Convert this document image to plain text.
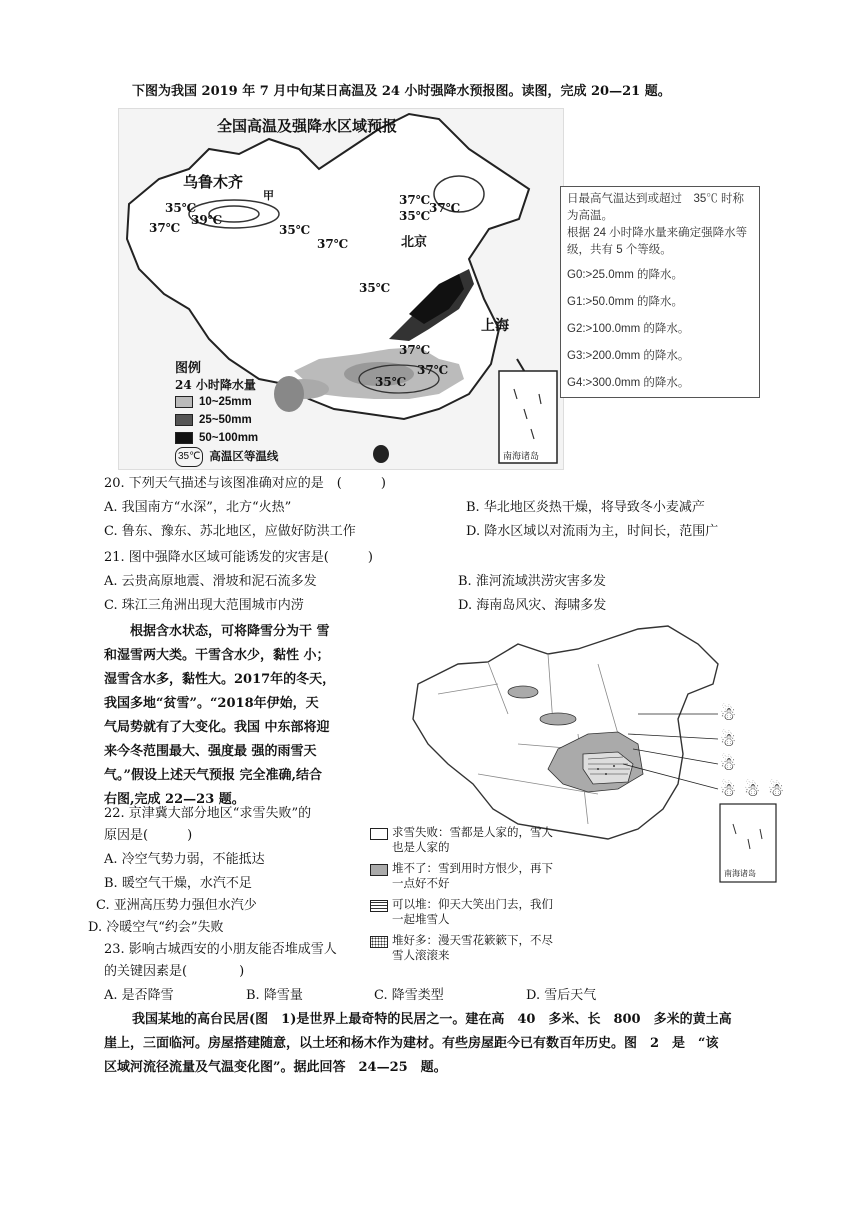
下图为我国 2019 年 7 月中旬某日高温及 24 小时强降水预报图。读图，完成 20—21 题。
全国高温及强降水区域预报
乌鲁木齐
甲
北京
上海
35℃
39℃
37℃	35℃
37℃
37℃
35℃
35℃
37℃
35℃
37℃
37℃
南海诸岛
图例
24 小时降水量
10~25mm
25~50mm
50~100mm
35℃ 高温区等温线
日最高气温达到或超过　35℃ 时称为高温。
根据 24 小时降水量来确定强降水等级，共有 5 个等级。
G0:>25.0mm 的降水。
G1:>50.0mm 的降水。
G2:>100.0mm 的降水。
G3:>200.0mm 的降水。
G4:>300.0mm 的降水。
20. 下列天气描述与该图准确对应的是　(　　　)
A. 我国南方“水深”，北方“火热”	B. 华北地区炎热干燥，将导致冬小麦减产
C. 鲁东、豫东、苏北地区，应做好防洪工作	D. 降水区域以对流雨为主，时间长，范围广
21. 图中强降水区域可能诱发的灾害是(　　　)
A. 云贵高原地震、滑坡和泥石流多发	B. 淮河流域洪涝灾害多发
C. 珠江三角洲出现大范围城市内涝	D. 海南岛风灾、海啸多发
根据含水状态，可将降雪分为干 雪
和湿雪两大类。干雪含水少，黏性 小；
湿雪含水多，黏性大。2017年的冬天，
我国多地“贫雪”。“2018年伊始，天
气局势就有了大变化。我国 中东部将迎
来今冬范围最大、强度最 强的雨雪天
气。”假设上述天气预报 完全准确,结合
右图,完成 22—23 题。
22. 京津冀大部分地区“求雪失败”的
原因是(　　　)
A. 冷空气势力弱，不能抵达
B. 暖空气干燥，水汽不足
C. 亚洲高压势力强但水汽少
D. 冷暖空气“约会”失败
23. 影响古城西安的小朋友能否堆成雪人
的关键因素是(　　　　)
A. 是否降雪	B. 降雪量	C. 降雪类型	D. 雪后天气
☃
☃
☃
☃ ☃ ☃
南海诸岛
求雪失败：雪都是人家的，雪人也是人家的
堆不了：雪到用时方恨少，再下一点好不好
可以堆：仰天大笑出门去，我们一起堆雪人
堆好多：漫天雪花簌簌下，不尽雪人滚滚来
我国某地的高台民居(图　1)是世界上最奇特的民居之一。建在高　40　多米、长　800　多米的黄土高
崖上，三面临河。房屋搭建随意，以土坯和杨木作为建材。有些房屋距今已有数百年历史。图　2　是　“该
区域河流径流量及气温变化图”。据此回答　24—25　题。
